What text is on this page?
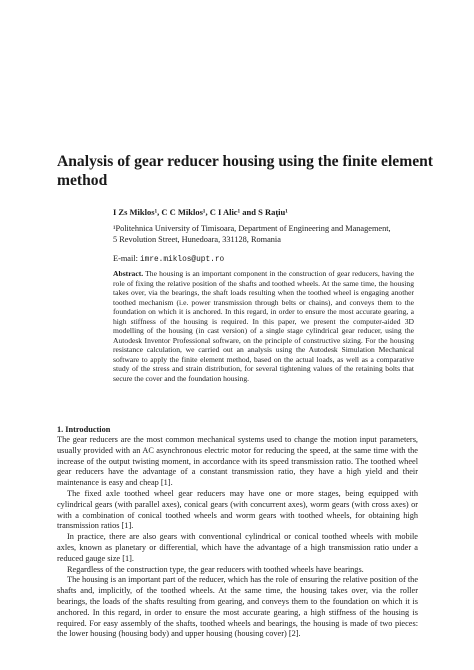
Analysis of gear reducer housing using the finite element method
I Zs Miklos¹, C C Miklos¹, C I Alic¹ and S Raţiu¹
¹Politehnica University of Timisoara, Department of Engineering and Management,
5 Revolution Street, Hunedoara, 331128, Romania
E-mail: imre.miklos@upt.ro
Abstract. The housing is an important component in the construction of gear reducers, having the role of fixing the relative position of the shafts and toothed wheels. At the same time, the housing takes over, via the bearings, the shaft loads resulting when the toothed wheel is engaging another toothed mechanism (i.e. power transmission through belts or chains), and conveys them to the foundation on which it is anchored. In this regard, in order to ensure the most accurate gearing, a high stiffness of the housing is required. In this paper, we present the computer-aided 3D modelling of the housing (in cast version) of a single stage cylindrical gear reducer, using the Autodesk Inventor Professional software, on the principle of constructive sizing. For the housing resistance calculation, we carried out an analysis using the Autodesk Simulation Mechanical software to apply the finite element method, based on the actual loads, as well as a comparative study of the stress and strain distribution, for several tightening values of the retaining bolts that secure the cover and the foundation housing.
1. Introduction

The gear reducers are the most common mechanical systems used to change the motion input parameters, usually provided with an AC asynchronous electric motor for reducing the speed, at the same time with the increase of the output twisting moment, in accordance with its speed transmission ratio. The toothed wheel gear reducers have the advantage of a constant transmission ratio, they have a high yield and their maintenance is easy and cheap [1].

The fixed axle toothed wheel gear reducers may have one or more stages, being equipped with cylindrical gears (with parallel axes), conical gears (with concurrent axes), worm gears (with cross axes) or with a combination of conical toothed wheels and worm gears with toothed wheels, for obtaining high transmission ratios [1].

In practice, there are also gears with conventional cylindrical or conical toothed wheels with mobile axles, known as planetary or differential, which have the advantage of a high transmission ratio under a reduced gauge size [1].

Regardless of the construction type, the gear reducers with toothed wheels have bearings.

The housing is an important part of the reducer, which has the role of ensuring the relative position of the shafts and, implicitly, of the toothed wheels. At the same time, the housing takes over, via the roller bearings, the loads of the shafts resulting from gearing, and conveys them to the foundation on which it is anchored. In this regard, in order to ensure the most accurate gearing, a high stiffness of the housing is required. For easy assembly of the shafts, toothed wheels and bearings, the housing is made of two pieces: the lower housing (housing body) and upper housing (housing cover) [2].
